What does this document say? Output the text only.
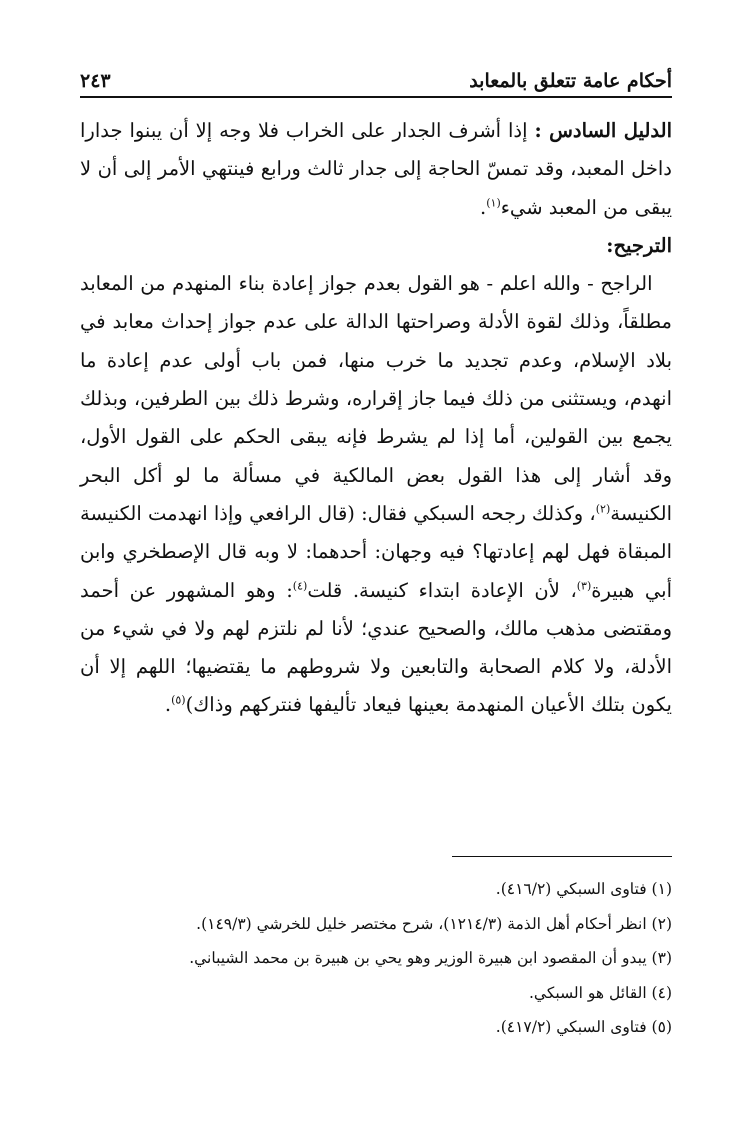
أحكام عامة تتعلق بالمعابد
٢٤٣

الدليل السادس : إذا أشرف الجدار على الخراب فلا وجه إلا أن يبنوا جدارا داخل المعبد، وقد تمسّ الحاجة إلى جدار ثالث ورابع فينتهي الأمر إلى أن لا يبقى من المعبد شيء$^{(١)}$.

الترجيح:

 الراجح - والله اعلم - هو القول بعدم جواز إعادة بناء المنهدم من المعابد مطلقاً، وذلك لقوة الأدلة وصراحتها الدالة على عدم جواز إحداث معابد في بلاد الإسلام، وعدم تجديد ما خرب منها، فمن باب أولى عدم إعادة ما انهدم، ويستثنى من ذلك فيما جاز إقراره، وشرط ذلك بين الطرفين، وبذلك يجمع بين القولين، أما إذا لم يشرط فإنه يبقى الحكم على القول الأول، وقد أشار إلى هذا القول بعض المالكية في مسألة ما لو أكل البحر الكنيسة$^{(٢)}$، وكذلك رجحه السبكي فقال: (قال الرافعي وإذا انهدمت الكنيسة المبقاة فهل لهم إعادتها؟ فيه وجهان: أحدهما: لا وبه قال الإصطخري وابن أبي هبيرة$^{(٣)}$، لأن الإعادة ابتداء كنيسة. قلت$^{(٤)}$: وهو المشهور عن أحمد ومقتضى مذهب مالك، والصحيح عندي؛ لأنا لم نلتزم لهم ولا في شيء من الأدلة، ولا كلام الصحابة والتابعين ولا شروطهم ما يقتضيها؛ اللهم إلا أن يكون بتلك الأعيان المنهدمة بعينها فيعاد تأليفها فنتركهم وذاك)$^{(٥)}$.

(١) فتاوى السبكي (٤١٦/٢).
(٢) انظر أحكام أهل الذمة (١٢١٤/٣)، شرح مختصر خليل للخرشي (١٤٩/٣).
(٣) يبدو أن المقصود ابن هبيرة الوزير وهو يحي بن هبيرة بن محمد الشيباني.
(٤) القائل هو السبكي.
(٥) فتاوى السبكي (٤١٧/٢).
